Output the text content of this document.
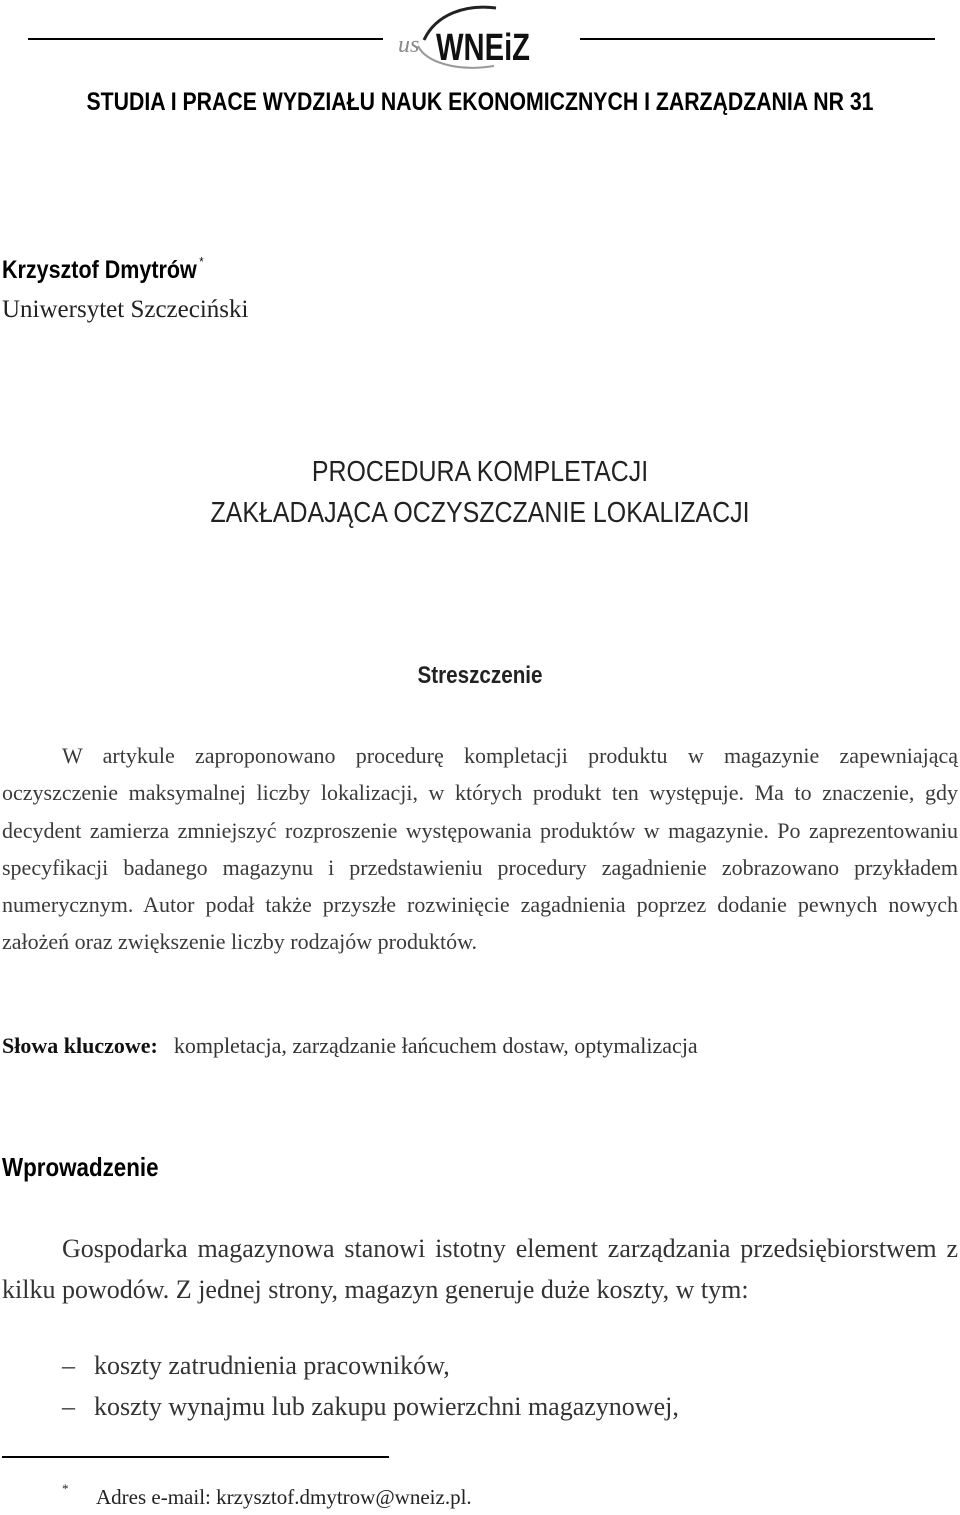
us WNEiZ
STUDIA I PRACE WYDZIAŁU NAUK EKONOMICZNYCH I ZARZĄDZANIA NR 31
Krzysztof Dmytrów *
Uniwersytet Szczeciński
PROCEDURA KOMPLETACJI
ZAKŁADAJĄCA OCZYSZCZANIE LOKALIZACJI
Streszczenie
W artykule zaproponowano procedurę kompletacji produktu w magazynie zapewniającą oczyszczenie maksymalnej liczby lokalizacji, w których produkt ten występuje. Ma to znaczenie, gdy decydent zamierza zmniejszyć rozproszenie występowania produktów w magazynie. Po zaprezentowaniu specyfikacji badanego magazynu i przedstawieniu procedury zagadnienie zobrazowano przykładem numerycznym. Autor podał także przyszłe rozwinięcie zagadnienia poprzez dodanie pewnych nowych założeń oraz zwiększenie liczby rodzajów produktów.
Słowa kluczowe: kompletacja, zarządzanie łańcuchem dostaw, optymalizacja
Wprowadzenie
Gospodarka magazynowa stanowi istotny element zarządzania przedsiębiorstwem z kilku powodów. Z jednej strony, magazyn generuje duże koszty, w tym:
– koszty zatrudnienia pracowników,
– koszty wynajmu lub zakupu powierzchni magazynowej,
* Adres e-mail: krzysztof.dmytrow@wneiz.pl.
